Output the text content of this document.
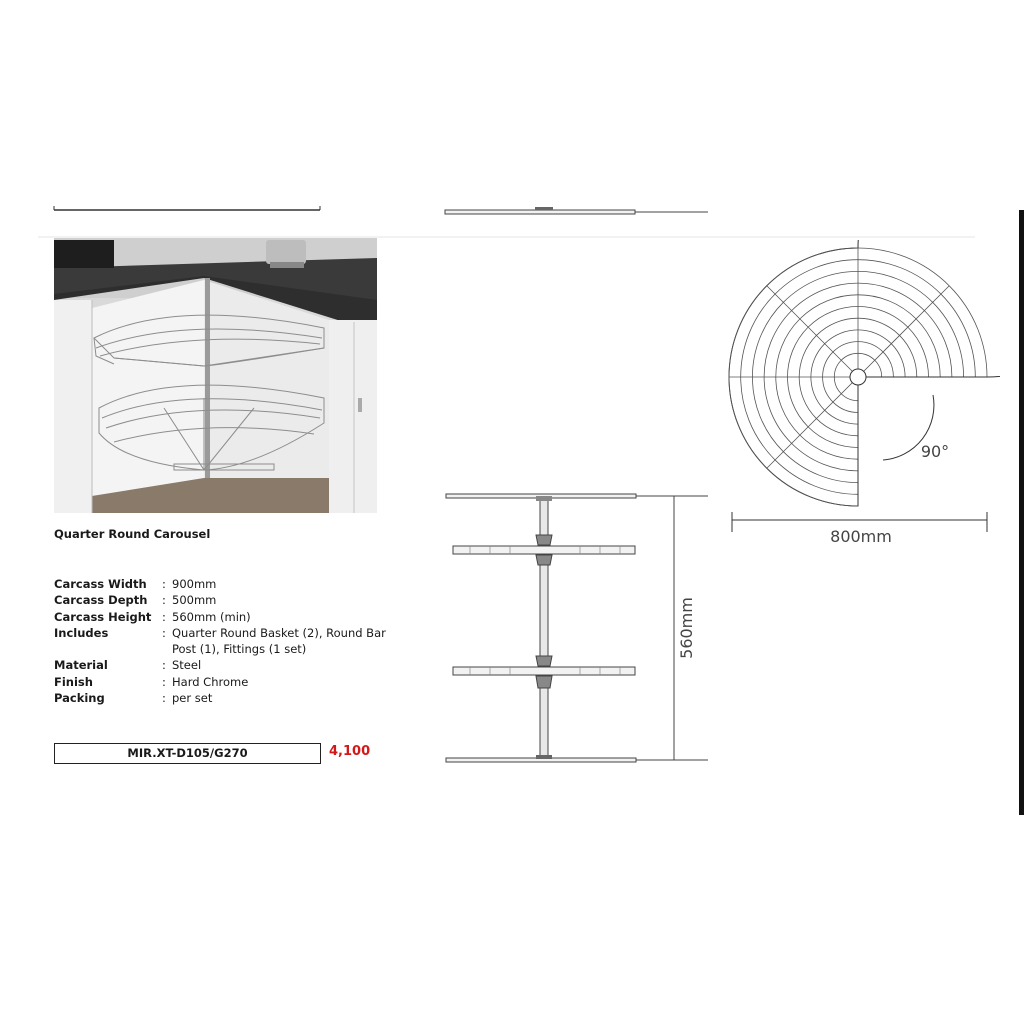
Quarter Round Carousel
Carcass Width	: 900mm
Carcass Depth	: 500mm
Carcass Height : 560mm (min)
Includes	: Quarter Round Basket (2), Round Bar Post (1), Fittings (1 set)
Material	: Steel
Finish	: Hard Chrome
Packing	: per set
MIR.XT-D105/G270	4,100
560mm
90°
800mm
